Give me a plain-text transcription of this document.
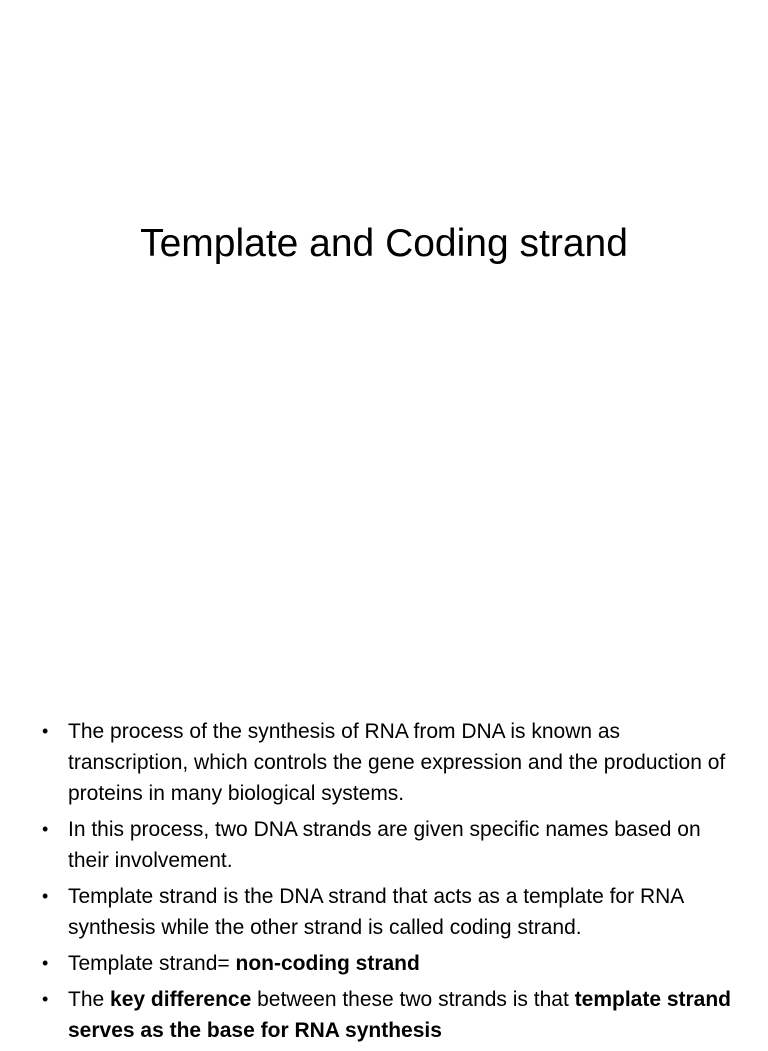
Template and Coding strand
• The process of the synthesis of RNA from DNA is known as transcription, which controls the gene expression and the production of proteins in many biological systems.
• In this process, two DNA strands are given specific names based on their involvement.
• Template strand is the DNA strand that acts as a template for RNA synthesis while the other strand is called coding strand.
• Template strand= non-coding strand
• The key difference between these two strands is that template strand serves as the base for RNA synthesis
